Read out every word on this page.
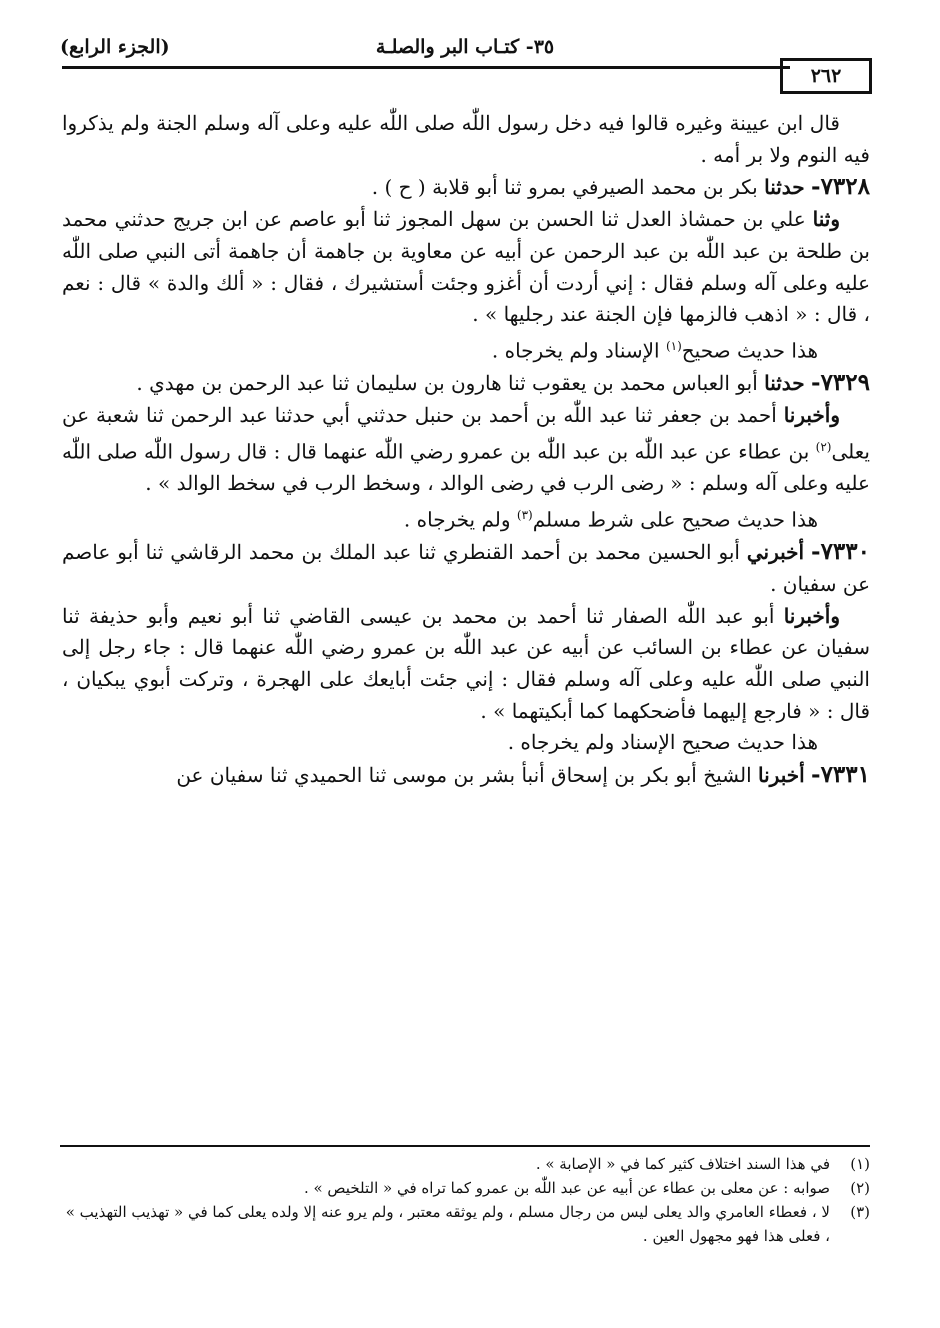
(الجزء الرابع)	٣٥- كتـاب البر والصلـة
٢٦٢

قال ابن عيينة وغيره قالوا فيه دخل رسول اللّٰه صلى اللّٰه عليه وعلى آله وسلم الجنة ولم يذكروا فيه النوم ولا بر أمه .

٧٣٢٨- حدثنا بكر بن محمد الصيرفي بمرو ثنا أبو قلابة ( ح ) .

وثنا علي بن حمشاذ العدل ثنا الحسن بن سهل المجوز ثنا أبو عاصم عن ابن جريج حدثني محمد بن طلحة بن عبد اللّٰه بن عبد الرحمن عن أبيه عن معاوية بن جاهمة أن جاهمة أتى النبي صلى اللّٰه عليه وعلى آله وسلم فقال : إني أردت أن أغزو وجئت أستشيرك ، فقال : « ألك والدة » قال : نعم ، قال : « اذهب فالزمها فإن الجنة عند رجليها » .

هذا حديث صحيح$^{(١)}$ الإسناد ولم يخرجاه .

٧٣٢٩- حدثنا أبو العباس محمد بن يعقوب ثنا هارون بن سليمان ثنا عبد الرحمن بن مهدي .

وأخبرنا أحمد بن جعفر ثنا عبد اللّٰه بن أحمد بن حنبل حدثني أبي حدثنا عبد الرحمن ثنا شعبة عن يعلى$^{(٢)}$ بن عطاء عن عبد اللّٰه بن عبد اللّٰه بن عمرو رضي اللّٰه عنهما قال : قال رسول اللّٰه صلى اللّٰه عليه وعلى آله وسلم : « رضى الرب في رضى الوالد ، وسخط الرب في سخط الوالد » .

هذا حديث صحيح على شرط مسلم$^{(٣)}$ ولم يخرجاه .

٧٣٣٠- أخبرني أبو الحسين محمد بن أحمد القنطري ثنا عبد الملك بن محمد الرقاشي ثنا أبو عاصم عن سفيان .

وأخبرنا أبو عبد اللّٰه الصفار ثنا أحمد بن محمد بن عيسى القاضي ثنا أبو نعيم وأبو حذيفة ثنا سفيان عن عطاء بن السائب عن أبيه عن عبد اللّٰه بن عمرو رضي اللّٰه عنهما قال : جاء رجل إلى النبي صلى اللّٰه عليه وعلى آله وسلم فقال : إني جئت أبايعك على الهجرة ، وتركت أبوي يبكيان ، قال : « فارجع إليهما فأضحكهما كما أبكيتهما » .

هذا حديث صحيح الإسناد ولم يخرجاه .

٧٣٣١- أخبرنا الشيخ أبو بكر بن إسحاق أنبأ بشر بن موسى ثنا الحميدي ثنا سفيان عن

(١)
في هذا السند اختلاف كثير كما في « الإصابة » .
(٢)
صوابه : عن معلى بن عطاء عن أبيه عن عبد اللّٰه بن عمرو كما تراه في « التلخيص » .
(٣)
لا ، فعطاء العامري والد يعلى ليس من رجال مسلم ، ولم يوثقه معتبر ، ولم يرو عنه إلا ولده يعلى كما في « تهذيب التهذيب » ، فعلى هذا فهو مجهول العين .
